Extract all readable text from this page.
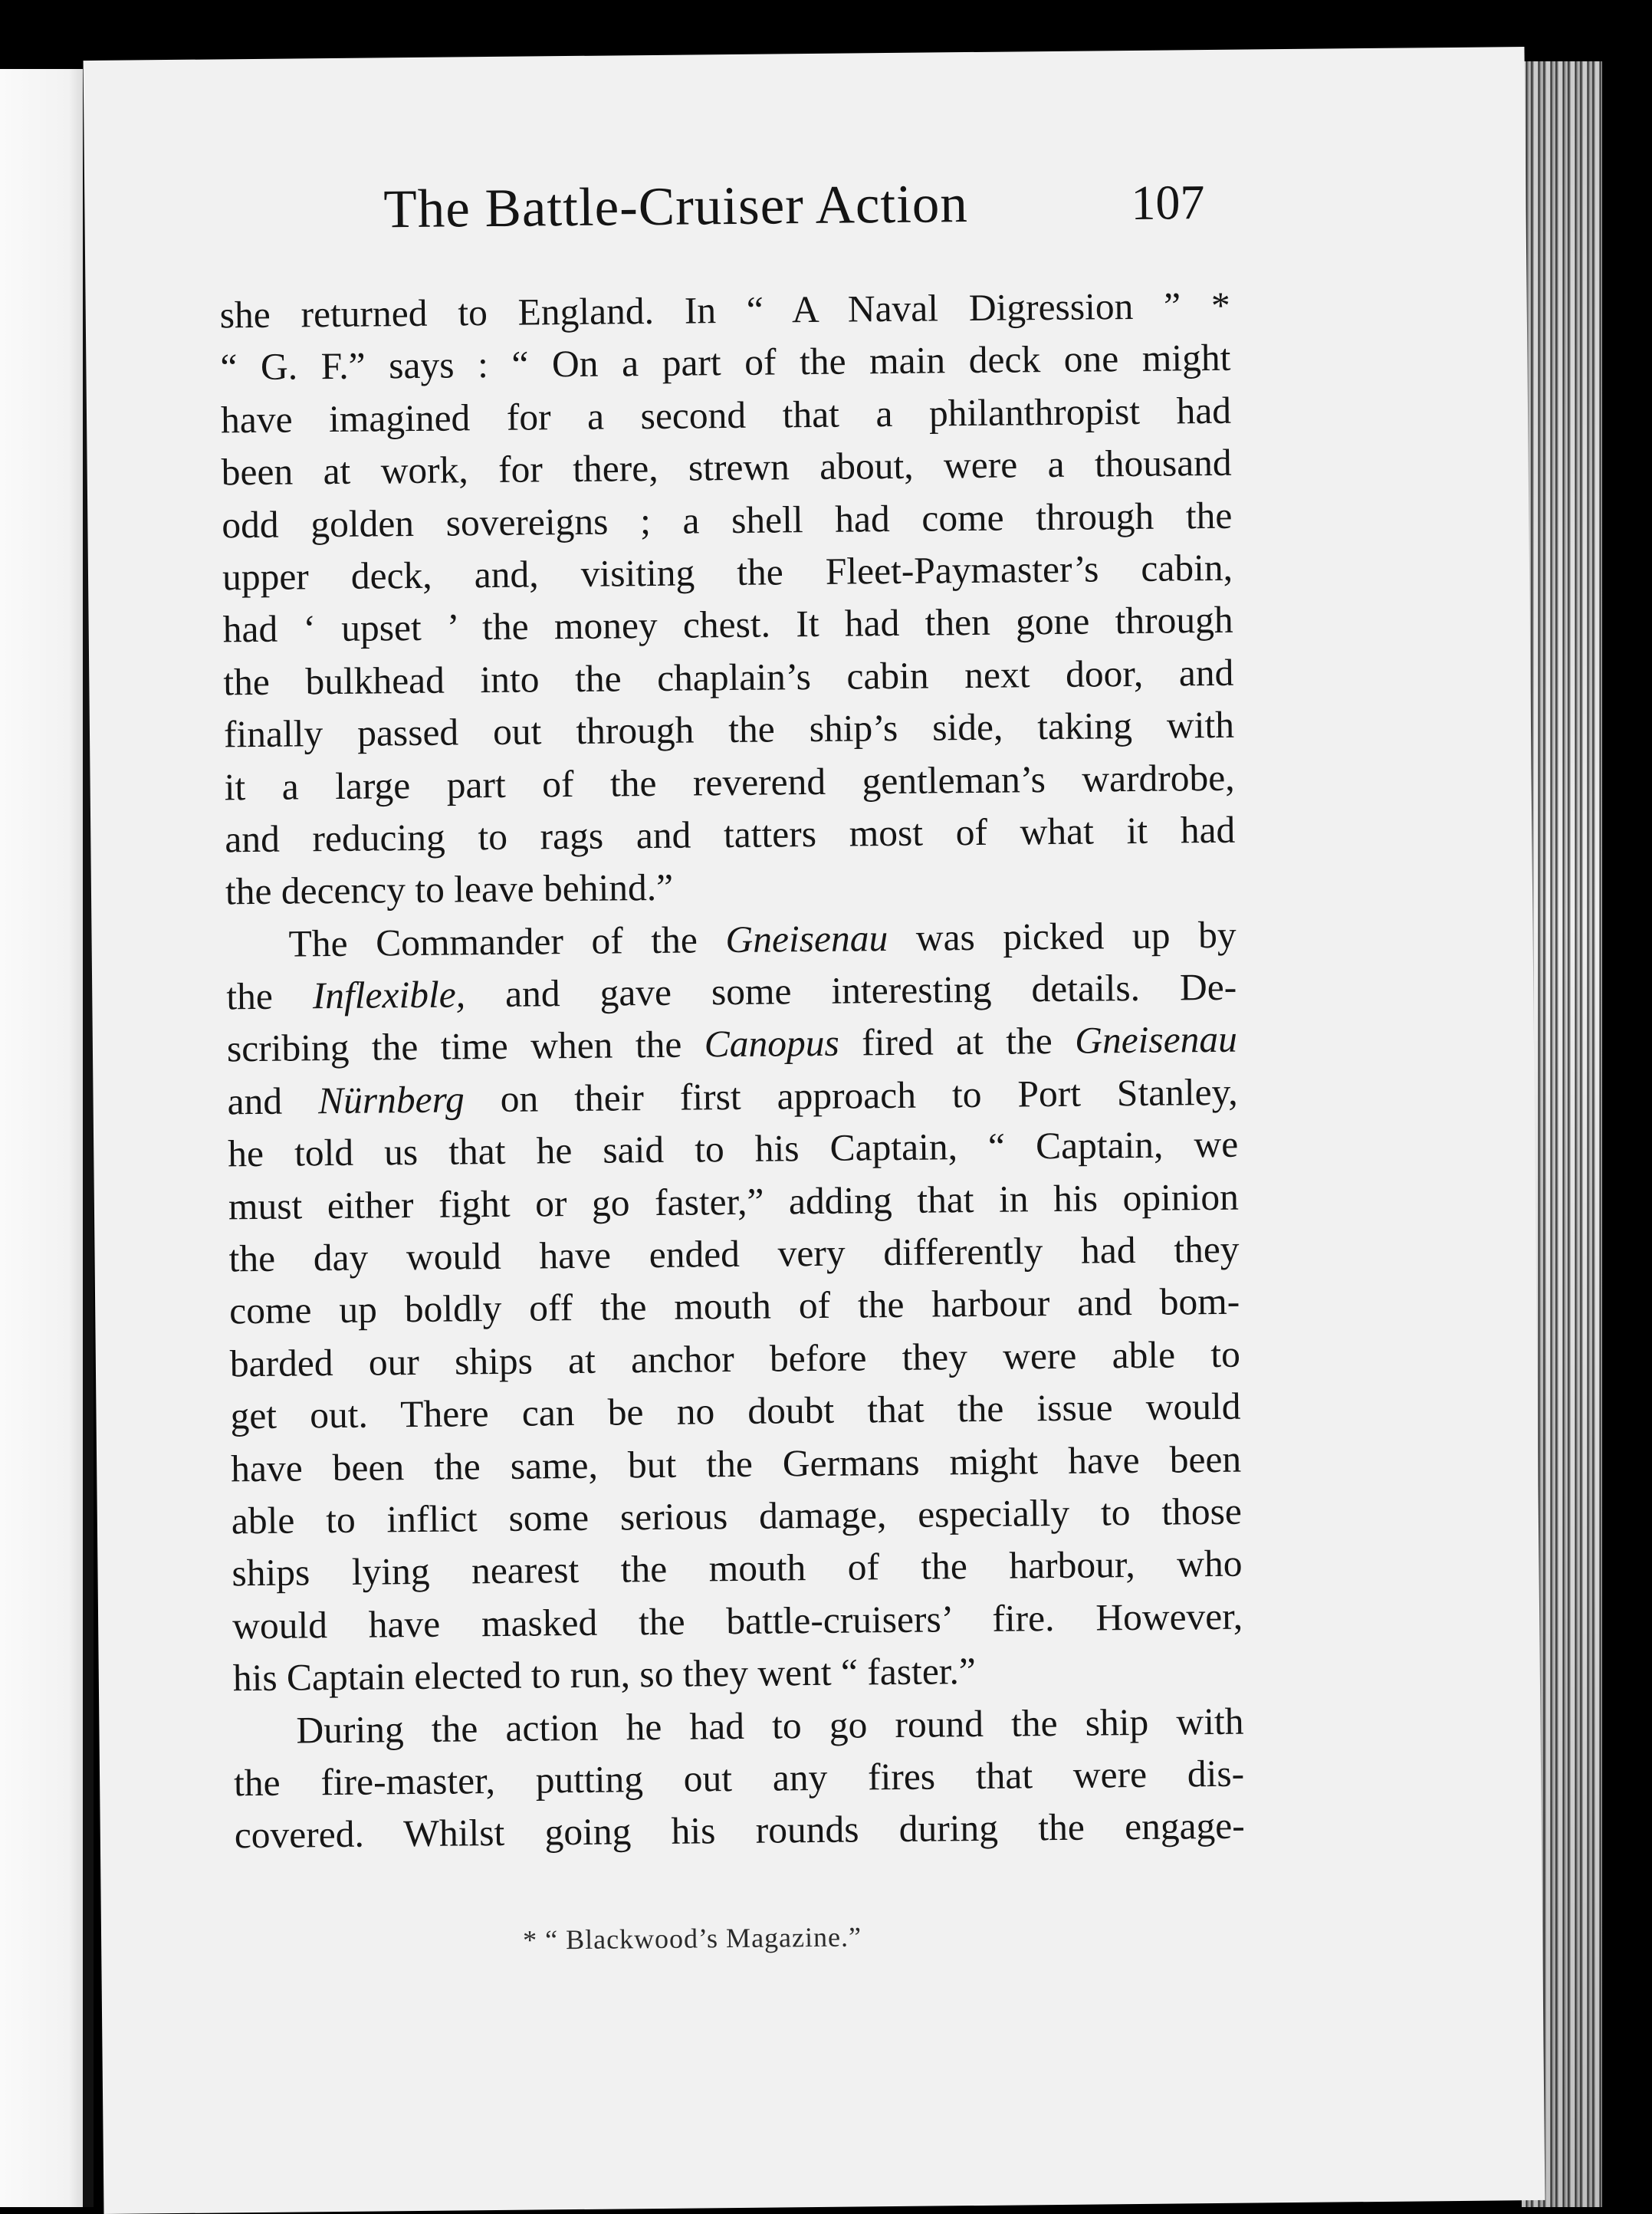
The Battle-Cruiser Action	107
she returned to England. In “ A Naval Digression ” *
“ G. F.” says : “ On a part of the main deck one might
have imagined for a second that a philanthropist had
been at work, for there, strewn about, were a thousand
odd golden sovereigns ; a shell had come through the
upper deck, and, visiting the Fleet-Paymaster’s cabin,
had ‘ upset ’ the money chest. It had then gone through
the bulkhead into the chaplain’s cabin next door, and
finally passed out through the ship’s side, taking with
it a large part of the reverend gentleman’s wardrobe,
and reducing to rags and tatters most of what it had
the decency to leave behind.”
The Commander of the Gneisenau was picked up by
the Inflexible, and gave some interesting details. De-
scribing the time when the Canopus fired at the Gneisenau
and Nürnberg on their first approach to Port Stanley,
he told us that he said to his Captain, “ Captain, we
must either fight or go faster,” adding that in his opinion
the day would have ended very differently had they
come up boldly off the mouth of the harbour and bom-
barded our ships at anchor before they were able to
get out. There can be no doubt that the issue would
have been the same, but the Germans might have been
able to inflict some serious damage, especially to those
ships lying nearest the mouth of the harbour, who
would have masked the battle-cruisers’ fire. However,
his Captain elected to run, so they went “ faster.”
During the action he had to go round the ship with
the fire-master, putting out any fires that were dis-
covered. Whilst going his rounds during the engage-
* “ Blackwood’s Magazine.”
